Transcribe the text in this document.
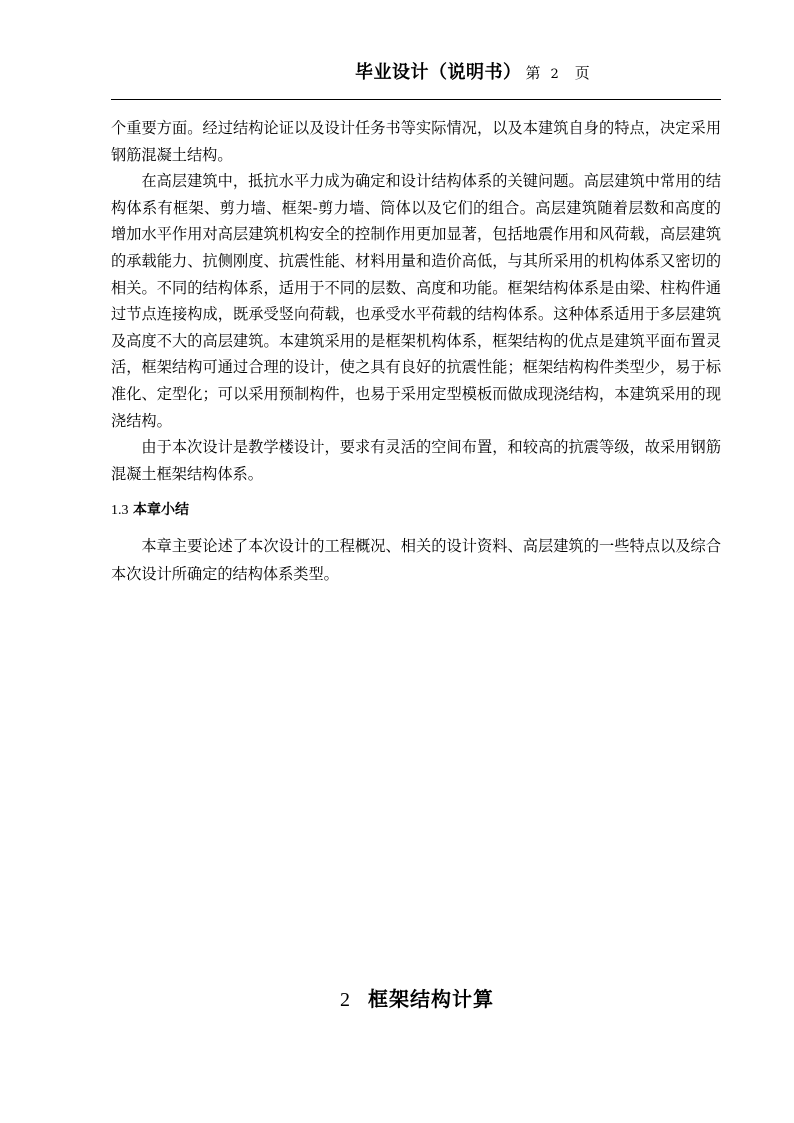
毕业设计（说明书） 第 2 页

个重要方面。经过结构论证以及设计任务书等实际情况，以及本建筑自身的特点，决定采用钢筋混凝土结构。

在高层建筑中，抵抗水平力成为确定和设计结构体系的关键问题。高层建筑中常用的结构体系有框架、剪力墙、框架-剪力墙、筒体以及它们的组合。高层建筑随着层数和高度的增加水平作用对高层建筑机构安全的控制作用更加显著，包括地震作用和风荷载，高层建筑的承载能力、抗侧刚度、抗震性能、材料用量和造价高低，与其所采用的机构体系又密切的相关。不同的结构体系，适用于不同的层数、高度和功能。框架结构体系是由梁、柱构件通过节点连接构成，既承受竖向荷载，也承受水平荷载的结构体系。这种体系适用于多层建筑及高度不大的高层建筑。本建筑采用的是框架机构体系，框架结构的优点是建筑平面布置灵活，框架结构可通过合理的设计，使之具有良好的抗震性能；框架结构构件类型少，易于标准化、定型化；可以采用预制构件，也易于采用定型模板而做成现浇结构，本建筑采用的现浇结构。

由于本次设计是教学楼设计，要求有灵活的空间布置，和较高的抗震等级，故采用钢筋混凝土框架结构体系。

1.3 本章小结

本章主要论述了本次设计的工程概况、相关的设计资料、高层建筑的一些特点以及综合本次设计所确定的结构体系类型。

2 框架结构计算
